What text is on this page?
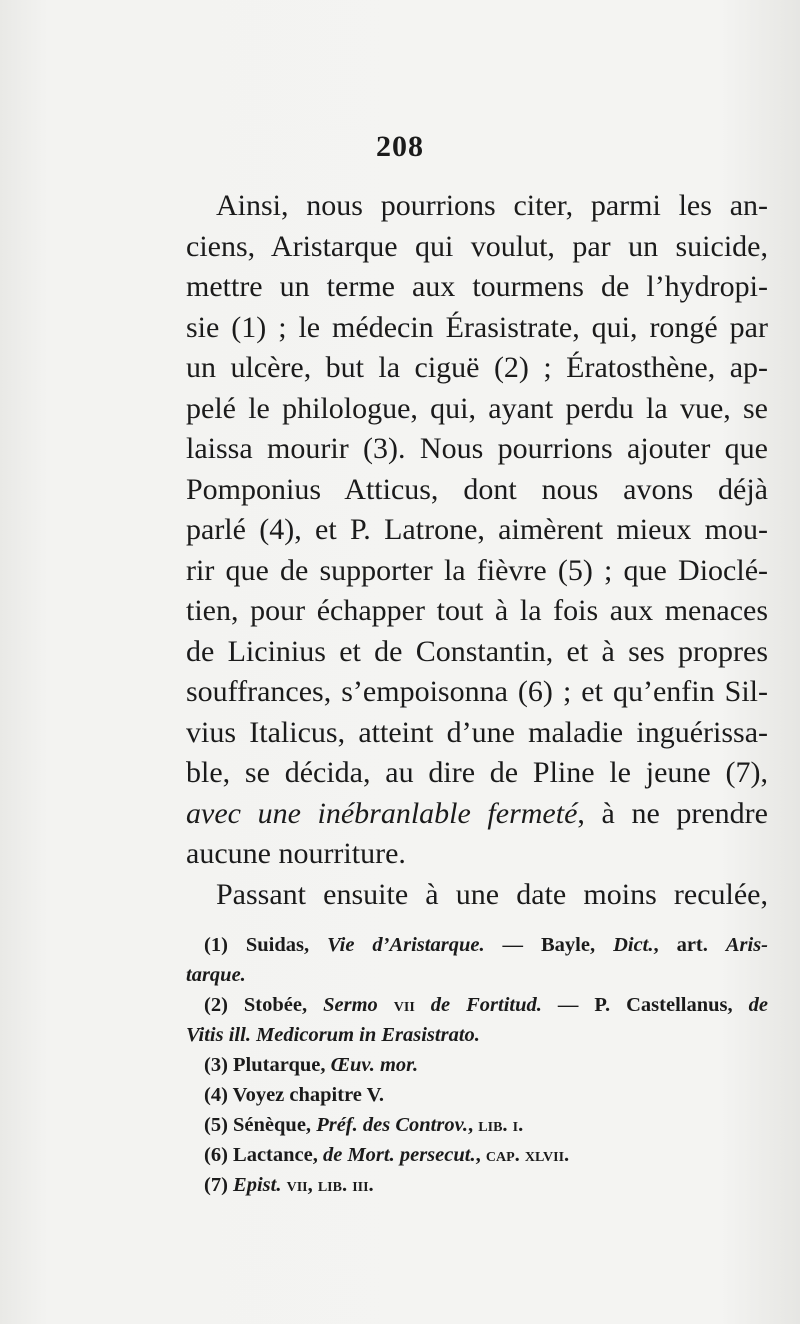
208
Ainsi, nous pourrions citer, parmi les an-
ciens, Aristarque qui voulut, par un suicide,
mettre un terme aux tourmens de l’hydropi-
sie (1) ; le médecin Érasistrate, qui, rongé par
un ulcère, but la ciguë (2) ; Ératosthène, ap-
pelé le philologue, qui, ayant perdu la vue, se
laissa mourir (3). Nous pourrions ajouter que
Pomponius Atticus, dont nous avons déjà
parlé (4), et P. Latrone, aimèrent mieux mou-
rir que de supporter la fièvre (5) ; que Dioclé-
tien, pour échapper tout à la fois aux menaces
de Licinius et de Constantin, et à ses propres
souffrances, s’empoisonna (6) ; et qu’enfin Sil-
vius Italicus, atteint d’une maladie inguérissa-
ble, se décida, au dire de Pline le jeune (7),
avec une inébranlable fermeté, à ne prendre
aucune nourriture.
Passant ensuite à une date moins reculée,
(1) Suidas, Vie d’Aristarque. — Bayle, Dict., art. Aris-
tarque.
(2) Stobée, Sermo vii de Fortitud. — P. Castellanus, de
Vitis ill. Medicorum in Erasistrato.
(3) Plutarque, Œuv. mor.
(4) Voyez chapitre V.
(5) Sénèque, Préf. des Controv., lib. i.
(6) Lactance, de Mort. persecut., cap. xlvii.
(7) Epist. vii, lib. iii.
